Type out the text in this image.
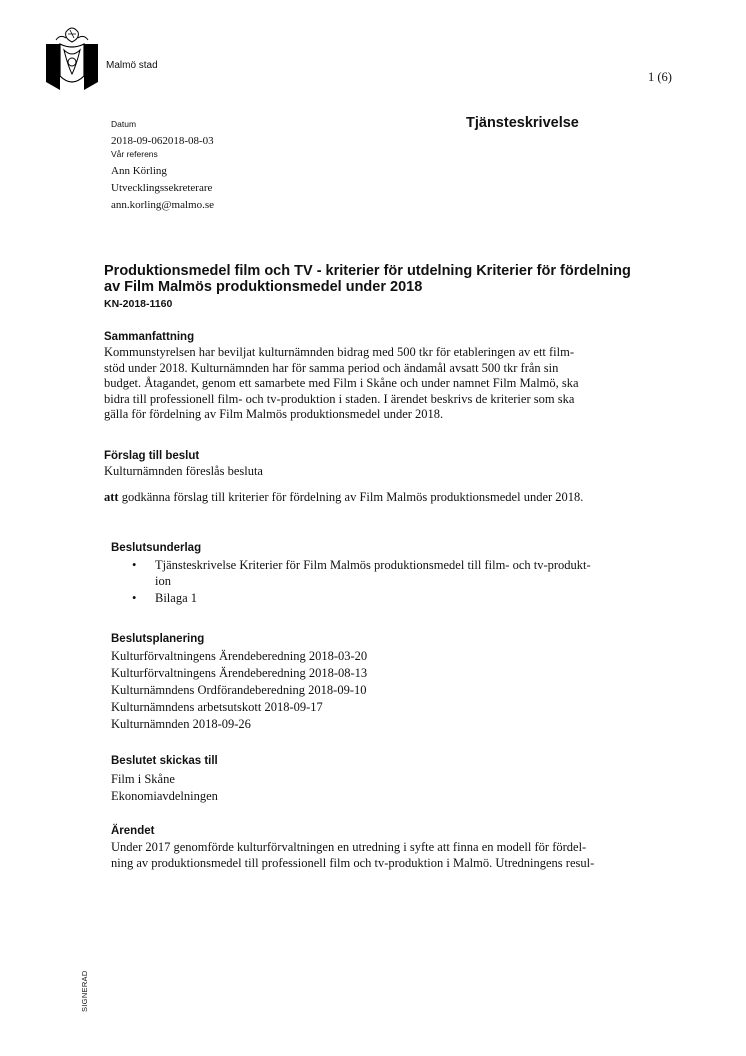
Malmö stad
1 (6)
Datum
2018-09-062018-08-03
Vår referens
Ann Körling
Utvecklingssekreterare
ann.korling@malmo.se
Tjänsteskrivelse
Produktionsmedel film och TV - kriterier för utdelning Kriterier för fördelning
av Film Malmös produktionsmedel under 2018
KN-2018-1160
Sammanfattning
Kommunstyrelsen har beviljat kulturnämnden bidrag med 500 tkr för etableringen av ett film-
stöd under 2018. Kulturnämnden har för samma period och ändamål avsatt 500 tkr från sin
budget. Åtagandet, genom ett samarbete med Film i Skåne och under namnet Film Malmö, ska
bidra till professionell film- och tv-produktion i staden. I ärendet beskrivs de kriterier som ska
gälla för fördelning av Film Malmös produktionsmedel under 2018.
Förslag till beslut
Kulturnämnden föreslås besluta
att godkänna förslag till kriterier för fördelning av Film Malmös produktionsmedel under 2018.
Beslutsunderlag
• Tjänsteskrivelse Kriterier för Film Malmös produktionsmedel till film- och tv-produkt-
ion
• Bilaga 1
Beslutsplanering
Kulturförvaltningens Ärendeberedning 2018-03-20
Kulturförvaltningens Ärendeberedning 2018-08-13
Kulturnämndens Ordförandeberedning 2018-09-10
Kulturnämndens arbetsutskott 2018-09-17
Kulturnämnden 2018-09-26
Beslutet skickas till
Film i Skåne
Ekonomiavdelningen
Ärendet
Under 2017 genomförde kulturförvaltningen en utredning i syfte att finna en modell för fördel-
ning av produktionsmedel till professionell film och tv-produktion i Malmö. Utredningens resul-
SIGNERAD
